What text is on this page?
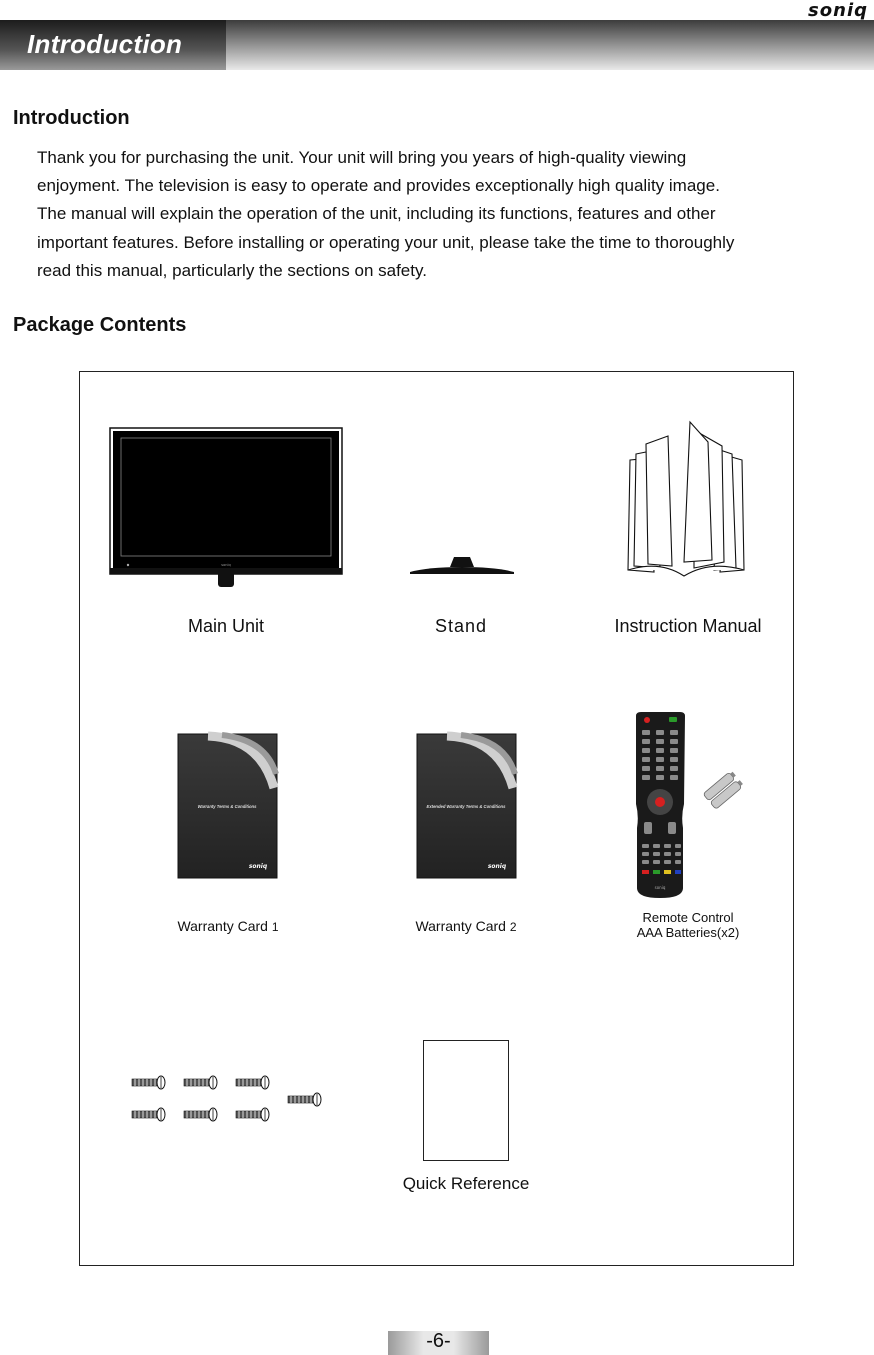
Introduction
soniq
Introduction

Thank you for purchasing the unit. Your unit will bring you years of high-quality viewing

enjoyment. The television is easy to operate and provides exceptionally high quality image.

The manual will explain the operation of the unit, including its functions, features and other

important features. Before installing or operating your unit, please take the time to thoroughly

read this manual, particularly the sections on safety.

Package Contents
soniq
Main Unit	Stand	Instruction Manual
Warranty Terms & Conditions
soniq
Extended Warranty Terms & Conditions
soniq
soniq
Warranty Card 1	Warranty Card 2
Remote Control
AAA Batteries(x2)
Quick Reference
-6-
